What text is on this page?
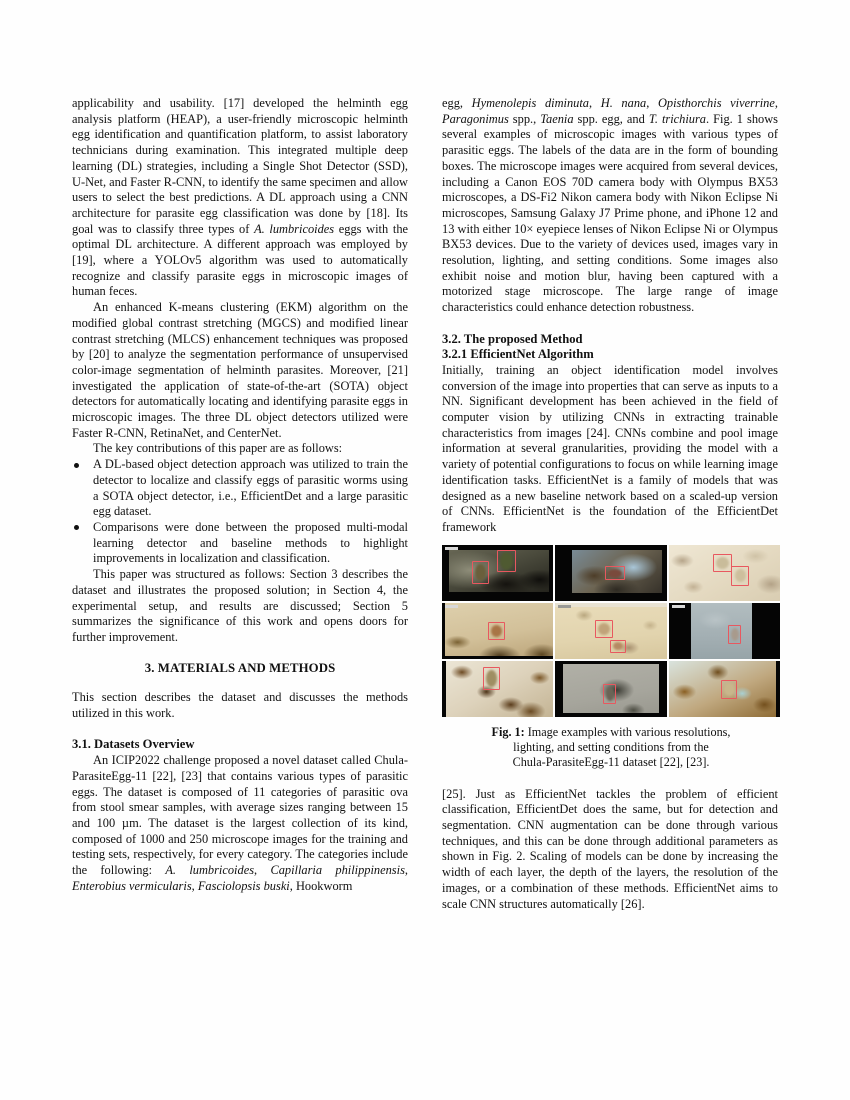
applicability and usability. [17] developed the helminth egg analysis platform (HEAP), a user-friendly microscopic helminth egg identification and quantification platform, to assist laboratory technicians during examination. This integrated multiple deep learning (DL) strategies, including a Single Shot Detector (SSD), U-Net, and Faster R-CNN, to identify the same specimen and allow users to select the best predictions. A DL approach using a CNN architecture for parasite egg classification was done by [18]. Its goal was to classify three types of A. lumbricoides eggs with the optimal DL architecture. A different approach was employed by [19], where a YOLOv5 algorithm was used to automatically recognize and classify parasite eggs in microscopic images of human feces.

An enhanced K-means clustering (EKM) algorithm on the modified global contrast stretching (MGCS) and modified linear contrast stretching (MLCS) enhancement techniques was proposed by [20] to analyze the segmentation performance of unsupervised color-image segmentation of helminth parasites. Moreover, [21] investigated the application of state-of-the-art (SOTA) object detectors for automatically locating and identifying parasite eggs in microscopic images. The three DL object detectors utilized were Faster R-CNN, RetinaNet, and CenterNet.

The key contributions of this paper are as follows:

A DL-based object detection approach was utilized to train the detector to localize and classify eggs of parasitic worms using a SOTA object detector, i.e., EfficientDet and a large parasitic egg dataset.
Comparisons were done between the proposed multi-modal learning detector and baseline methods to highlight improvements in localization and classification.

This paper was structured as follows: Section 3 describes the dataset and illustrates the proposed solution; in Section 4, the experimental setup, and results are discussed; Section 5 summarizes the significance of this work and opens doors for further improvement.

3. MATERIALS AND METHODS

This section describes the dataset and discusses the methods utilized in this work.

3.1. Datasets Overview

An ICIP2022 challenge proposed a novel dataset called Chula-ParasiteEgg-11 [22], [23] that contains various types of parasitic eggs. The dataset is composed of 11 categories of parasitic ova from stool smear samples, with average sizes ranging between 15 and 100 µm. The dataset is the largest collection of its kind, composed of 1000 and 250 microscope images for the training and testing sets, respectively, for every category. The categories include the following: A. lumbricoides, Capillaria philippinensis, Enterobius vermicularis, Fasciolopsis buski, Hookworm

egg, Hymenolepis diminuta, H. nana, Opisthorchis viverrine, Paragonimus spp., Taenia spp. egg, and T. trichiura. Fig. 1 shows several examples of microscopic images with various types of parasitic eggs. The labels of the data are in the form of bounding boxes. The microscope images were acquired from several devices, including a Canon EOS 70D camera body with Olympus BX53 microscopes, a DS-Fi2 Nikon camera body with Nikon Eclipse Ni microscopes, Samsung Galaxy J7 Prime phone, and iPhone 12 and 13 with either 10× eyepiece lenses of Nikon Eclipse Ni or Olympus BX53 devices. Due to the variety of devices used, images vary in resolution, lighting, and setting conditions. Some images also exhibit noise and motion blur, having been captured with a motorized stage microscope. The large range of image characteristics could enhance detection robustness.

3.2. The proposed Method
3.2.1 EfficientNet Algorithm

Initially, training an object identification model involves conversion of the image into properties that can serve as inputs to a NN. Significant development has been achieved in the field of computer vision by utilizing CNNs in extracting trainable characteristics from images [24]. CNNs combine and pool image information at several granularities, providing the model with a variety of potential configurations to focus on while learning image identification tasks. EfficientNet is a family of models that was designed as a new baseline network based on a scaled-up version of CNNs. EfficientNet is the foundation of the EfficientDet framework

Fig. 1: Image examples with various resolutions,
lighting, and setting conditions from the
Chula-ParasiteEgg-11 dataset [22], [23].

[25]. Just as EfficientNet tackles the problem of efficient classification, EfficientDet does the same, but for detection and segmentation. CNN augmentation can be done through various techniques, and this can be done through additional parameters as shown in Fig. 2. Scaling of models can be done by increasing the width of each layer, the depth of the layers, the resolution of the images, or a combination of these methods. EfficientNet aims to scale CNN structures automatically [26].
